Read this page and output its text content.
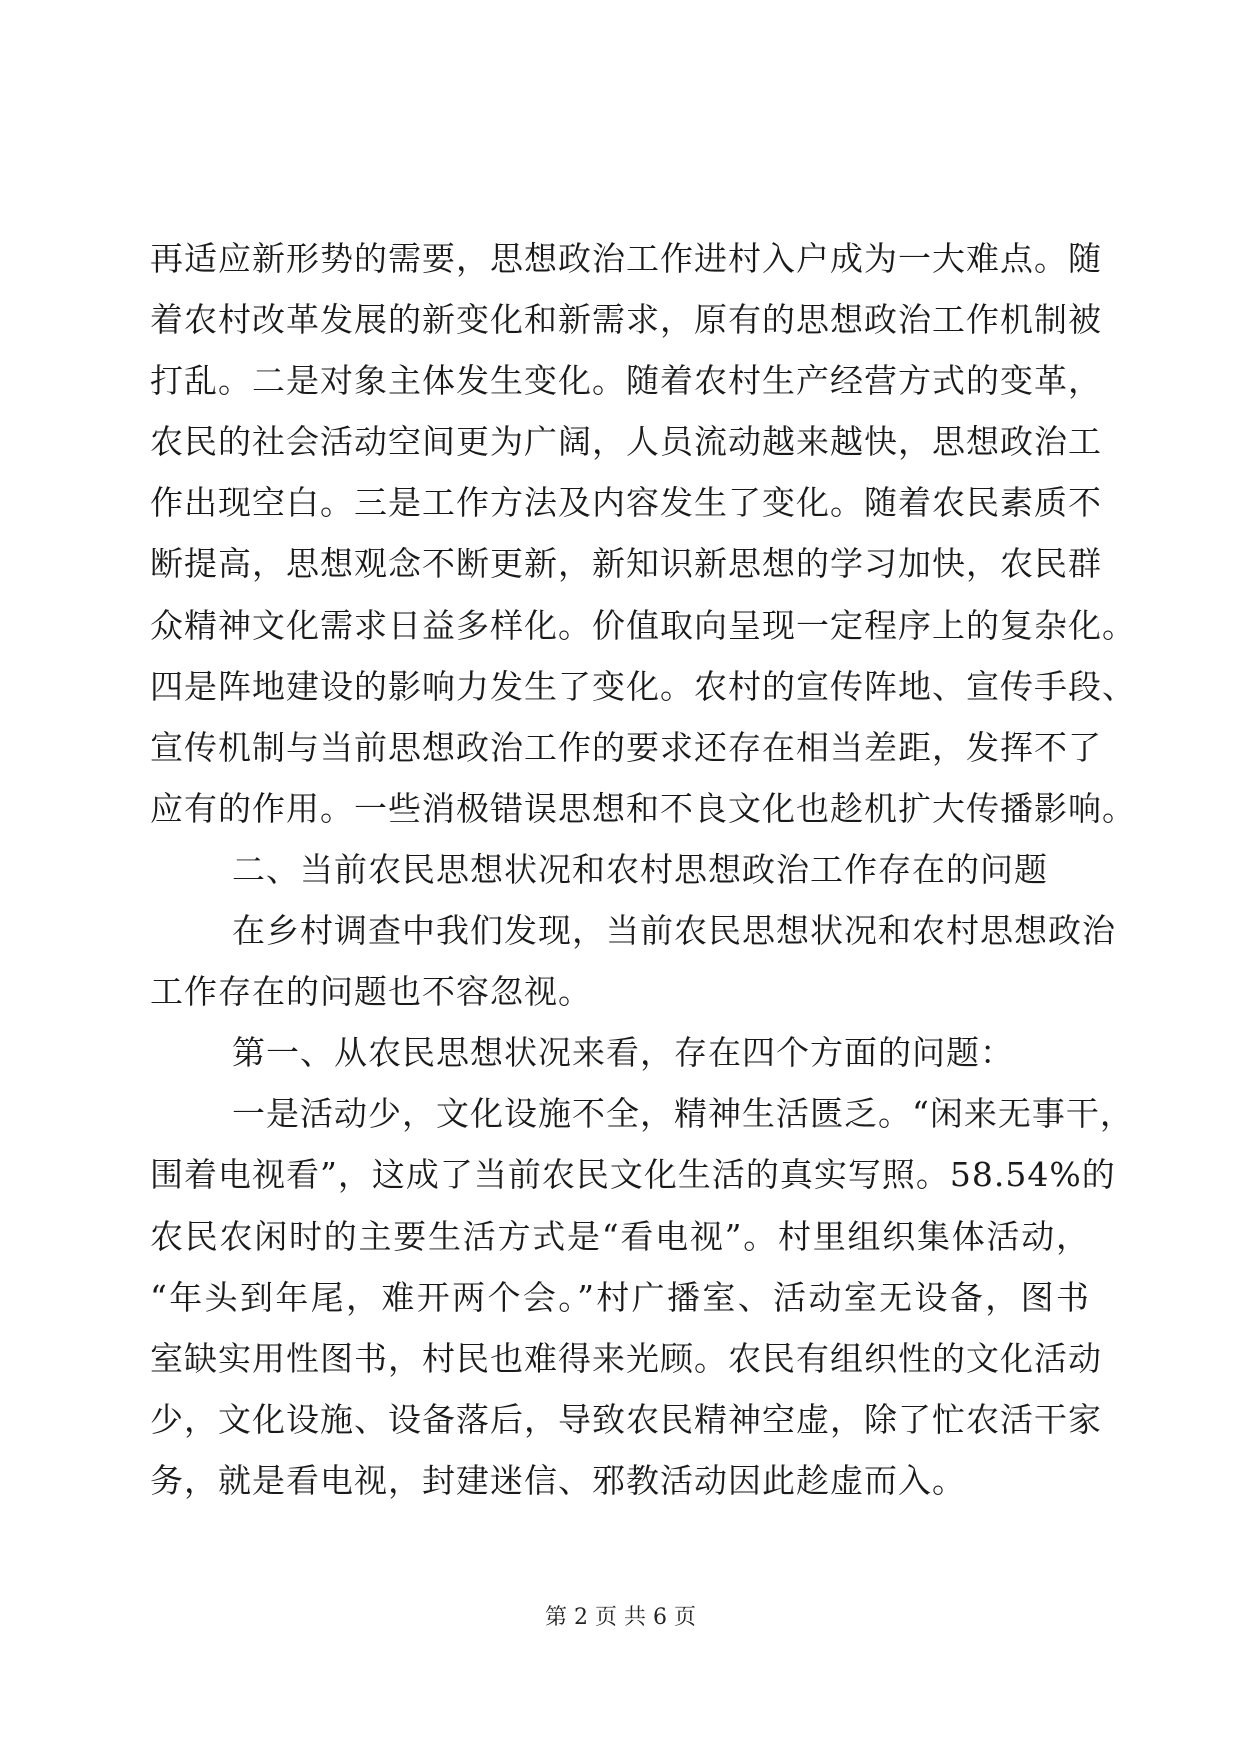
再适应新形势的需要，思想政治工作进村入户成为一大难点。随
着农村改革发展的新变化和新需求，原有的思想政治工作机制被
打乱。二是对象主体发生变化。随着农村生产经营方式的变革，
农民的社会活动空间更为广阔，人员流动越来越快，思想政治工
作出现空白。三是工作方法及内容发生了变化。随着农民素质不
断提高，思想观念不断更新，新知识新思想的学习加快，农民群
众精神文化需求日益多样化。价值取向呈现一定程序上的复杂化。
四是阵地建设的影响力发生了变化。农村的宣传阵地、宣传手段、
宣传机制与当前思想政治工作的要求还存在相当差距，发挥不了
应有的作用。一些消极错误思想和不良文化也趁机扩大传播影响。
二、当前农民思想状况和农村思想政治工作存在的问题
在乡村调查中我们发现，当前农民思想状况和农村思想政治
工作存在的问题也不容忽视。
第一、从农民思想状况来看，存在四个方面的问题：
一是活动少，文化设施不全，精神生活匮乏。“闲来无事干，
围着电视看”，这成了当前农民文化生活的真实写照。58.54%的
农民农闲时的主要生活方式是“看电视”。村里组织集体活动，
“年头到年尾，难开两个会。”村广播室、活动室无设备，图书
室缺实用性图书，村民也难得来光顾。农民有组织性的文化活动
少，文化设施、设备落后，导致农民精神空虚，除了忙农活干家
务，就是看电视，封建迷信、邪教活动因此趁虚而入。
第 2 页 共 6 页
